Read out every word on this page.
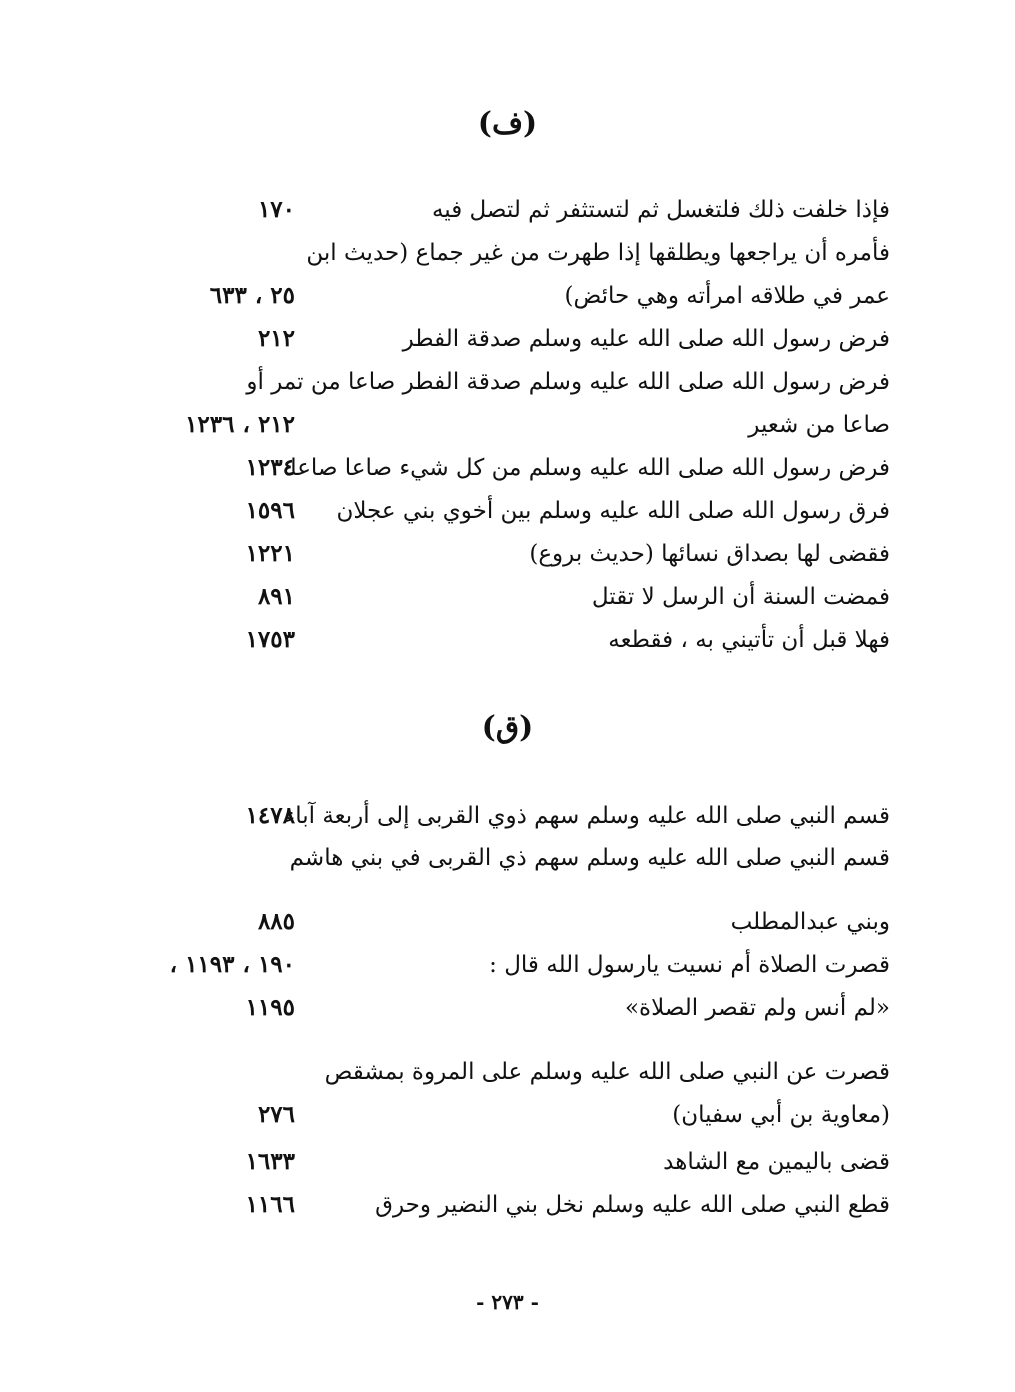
(ف)
فإذا خلفت ذلك فلتغسل ثم لتستثفر ثم لتصل فيه
١٧٠
فأمره أن يراجعها ويطلقها إذا طهرت من غير جماع (حديث ابن
عمر في طلاقه امرأته وهي حائض)
٢٥ ، ٦٣٣
فرض رسول الله صلى الله عليه وسلم صدقة الفطر
٢١٢
فرض رسول الله صلى الله عليه وسلم صدقة الفطر صاعا من تمر أو
صاعا من شعير
٢١٢ ، ١٢٣٦
فرض رسول الله صلى الله عليه وسلم من كل شيء صاعا صاعا
١٢٣٤
فرق رسول الله صلى الله عليه وسلم بين أخوي بني عجلان
١٥٩٦
فقضى لها بصداق نسائها (حديث بروع)
١٢٢١
فمضت السنة أن الرسل لا تقتل
٨٩١
فهلا قبل أن تأتيني به ، فقطعه
١٧٥٣
(ق)
قسم النبي صلى الله عليه وسلم سهم ذوي القربى إلى أربعة آباء
١٤٧٨
قسم النبي صلى الله عليه وسلم سهم ذي القربى في بني هاشم
وبني عبدالمطلب
٨٨٥
قصرت الصلاة أم نسيت يارسول الله قال :
١٩٠ ، ١١٩٣ ،
«لم أنس ولم تقصر الصلاة»
١١٩٥
قصرت عن النبي صلى الله عليه وسلم على المروة بمشقص
(معاوية بن أبي سفيان)
٢٧٦
قضى باليمين مع الشاهد
١٦٣٣
قطع النبي صلى الله عليه وسلم نخل بني النضير وحرق
١١٦٦
- ٢٧٣ -
